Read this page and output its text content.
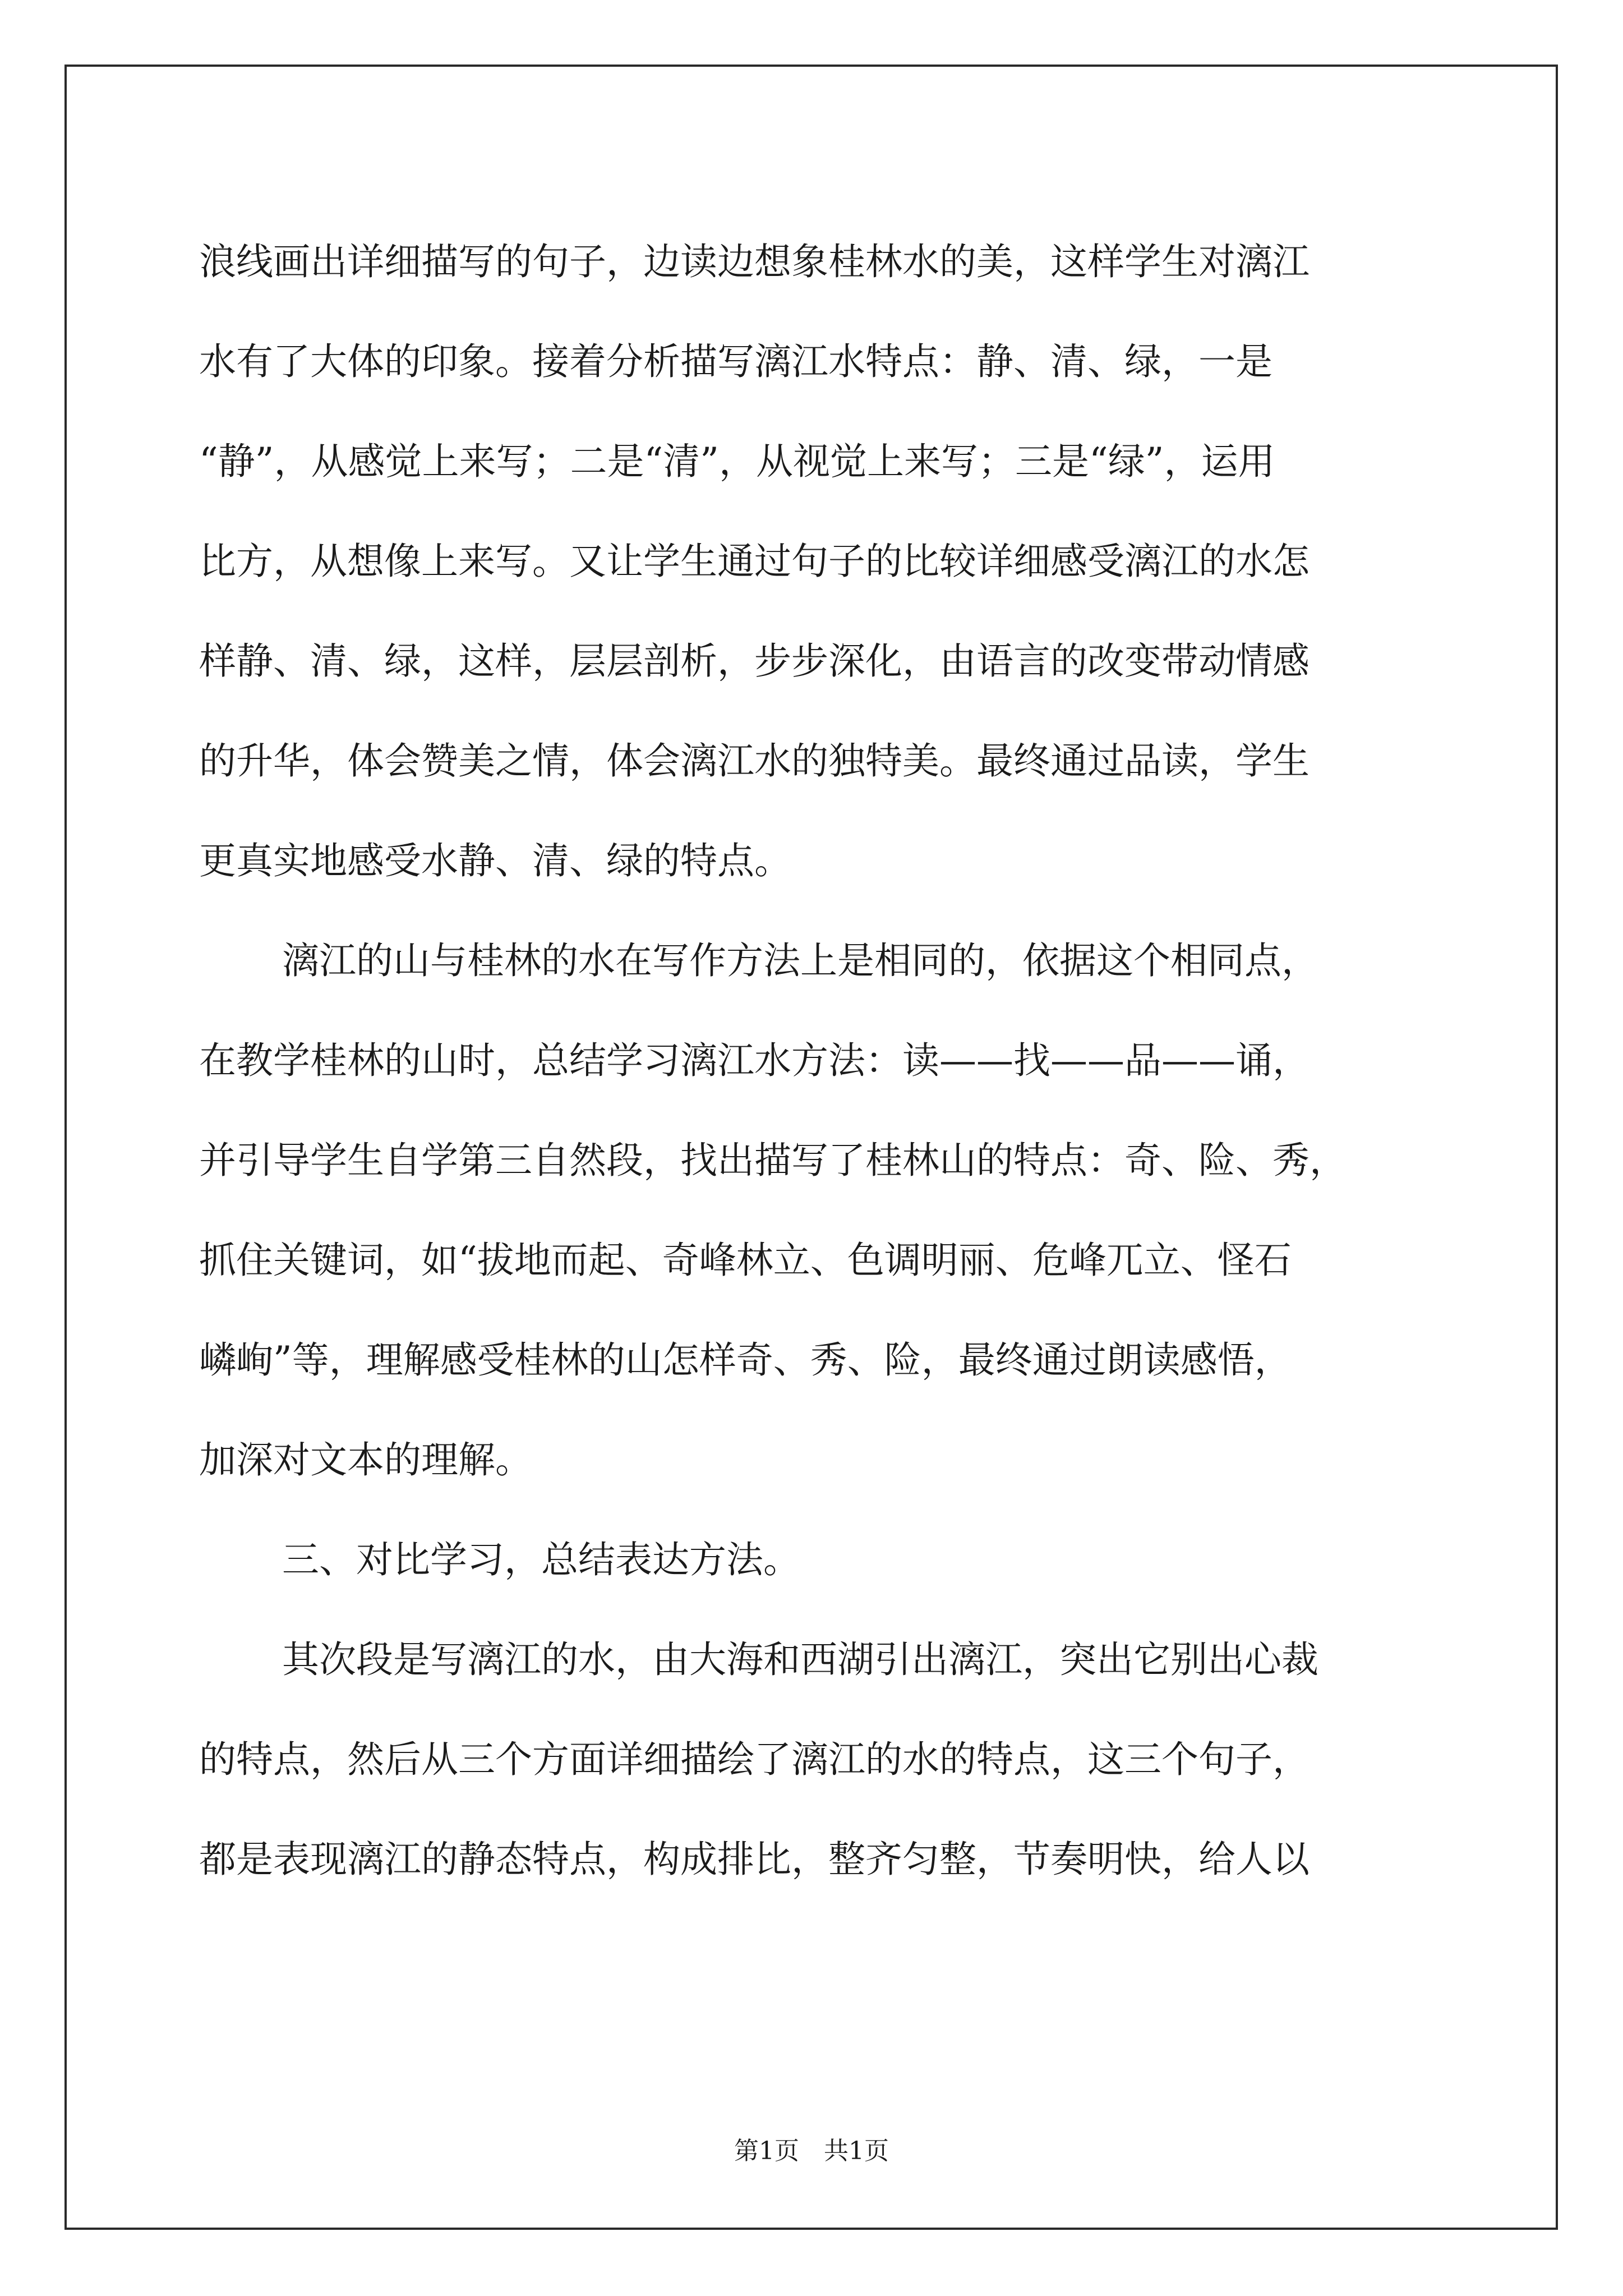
浪线画出详细描写的句子，边读边想象桂林水的美，这样学生对漓江
水有了大体的印象。接着分析描写漓江水特点：静、清、绿，一是
“静”，从感觉上来写；二是“清”，从视觉上来写；三是“绿”，运用
比方，从想像上来写。又让学生通过句子的比较详细感受漓江的水怎
样静、清、绿，这样，层层剖析，步步深化，由语言的改变带动情感
的升华，体会赞美之情，体会漓江水的独特美。最终通过品读，学生
更真实地感受水静、清、绿的特点。
漓江的山与桂林的水在写作方法上是相同的，依据这个相同点，
在教学桂林的山时，总结学习漓江水方法：读——找——品——诵，
并引导学生自学第三自然段，找出描写了桂林山的特点：奇、险、秀，
抓住关键词，如“拔地而起、奇峰林立、色调明丽、危峰兀立、怪石
嶙峋”等，理解感受桂林的山怎样奇、秀、险，最终通过朗读感悟，
加深对文本的理解。
三、对比学习，总结表达方法。
其次段是写漓江的水，由大海和西湖引出漓江，突出它别出心裁
的特点，然后从三个方面详细描绘了漓江的水的特点，这三个句子，
都是表现漓江的静态特点，构成排比，整齐匀整，节奏明快，给人以
第1页　共1页
